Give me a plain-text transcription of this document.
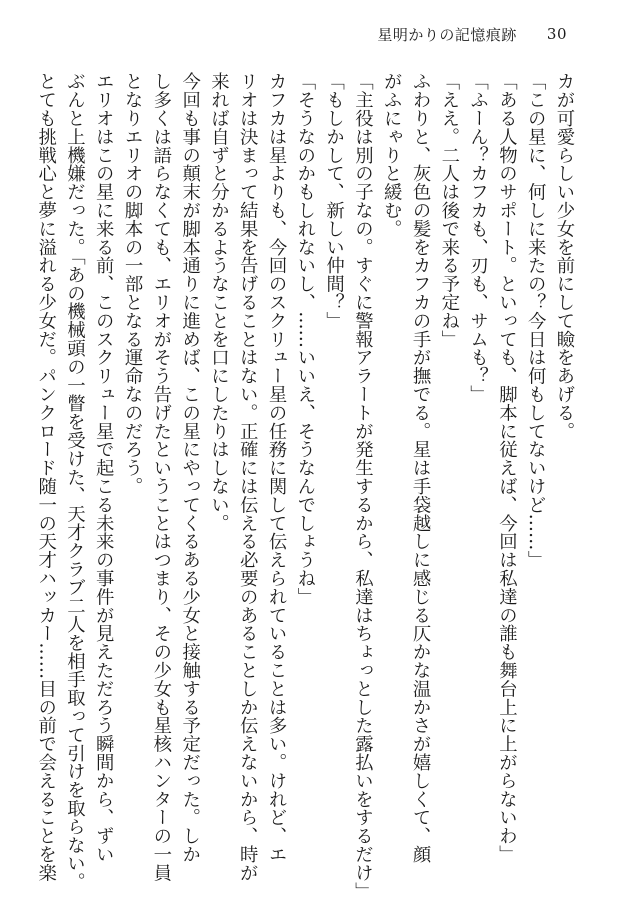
星明かりの記憶痕跡 30
カが可愛らしい少女を前にして瞼をあげる。
「この星に、何しに来たの？今日は何もしてないけど……」
「ある人物のサポート。といっても、脚本に従えば、今回は私達の誰も舞台上に上がらないわ」
「ふーん？カフカも、刃も、サムも？」
「ええ。二人は後で来る予定ね」
ふわりと、灰色の髪をカフカの手が撫でる。星は手袋越しに感じる仄かな温かさが嬉しくて、顔
がふにゃりと緩む。
「主役は別の子なの。すぐに警報アラートが発生するから、私達はちょっとした露払いをするだけ」
「もしかして、新しい仲間？」
「そうなのかもしれないし、……いいえ、そうなんでしょうね」
カフカは星よりも、今回のスクリュー星の任務に関して伝えられていることは多い。けれど、エ
リオは決まって結果を告げることはない。正確には伝える必要のあることしか伝えないから、時が
来れば自ずと分かるようなことを口にしたりはしない。
今回も事の顛末が脚本通りに進めば、この星にやってくるある少女と接触する予定だった。しか
し多くは語らなくても、エリオがそう告げたということはつまり、その少女も星核ハンターの一員
となりエリオの脚本の一部となる運命なのだろう。
エリオはこの星に来る前、このスクリュー星で起こる未来の事件が見えただろう瞬間から、ずい
ぶんと上機嫌だった。「あの機械頭の一瞥を受けた、天才クラブ二人を相手取って引けを取らない。
とても挑戦心と夢に溢れる少女だ。パンクロード随一の天才ハッカー……目の前で会えることを楽
